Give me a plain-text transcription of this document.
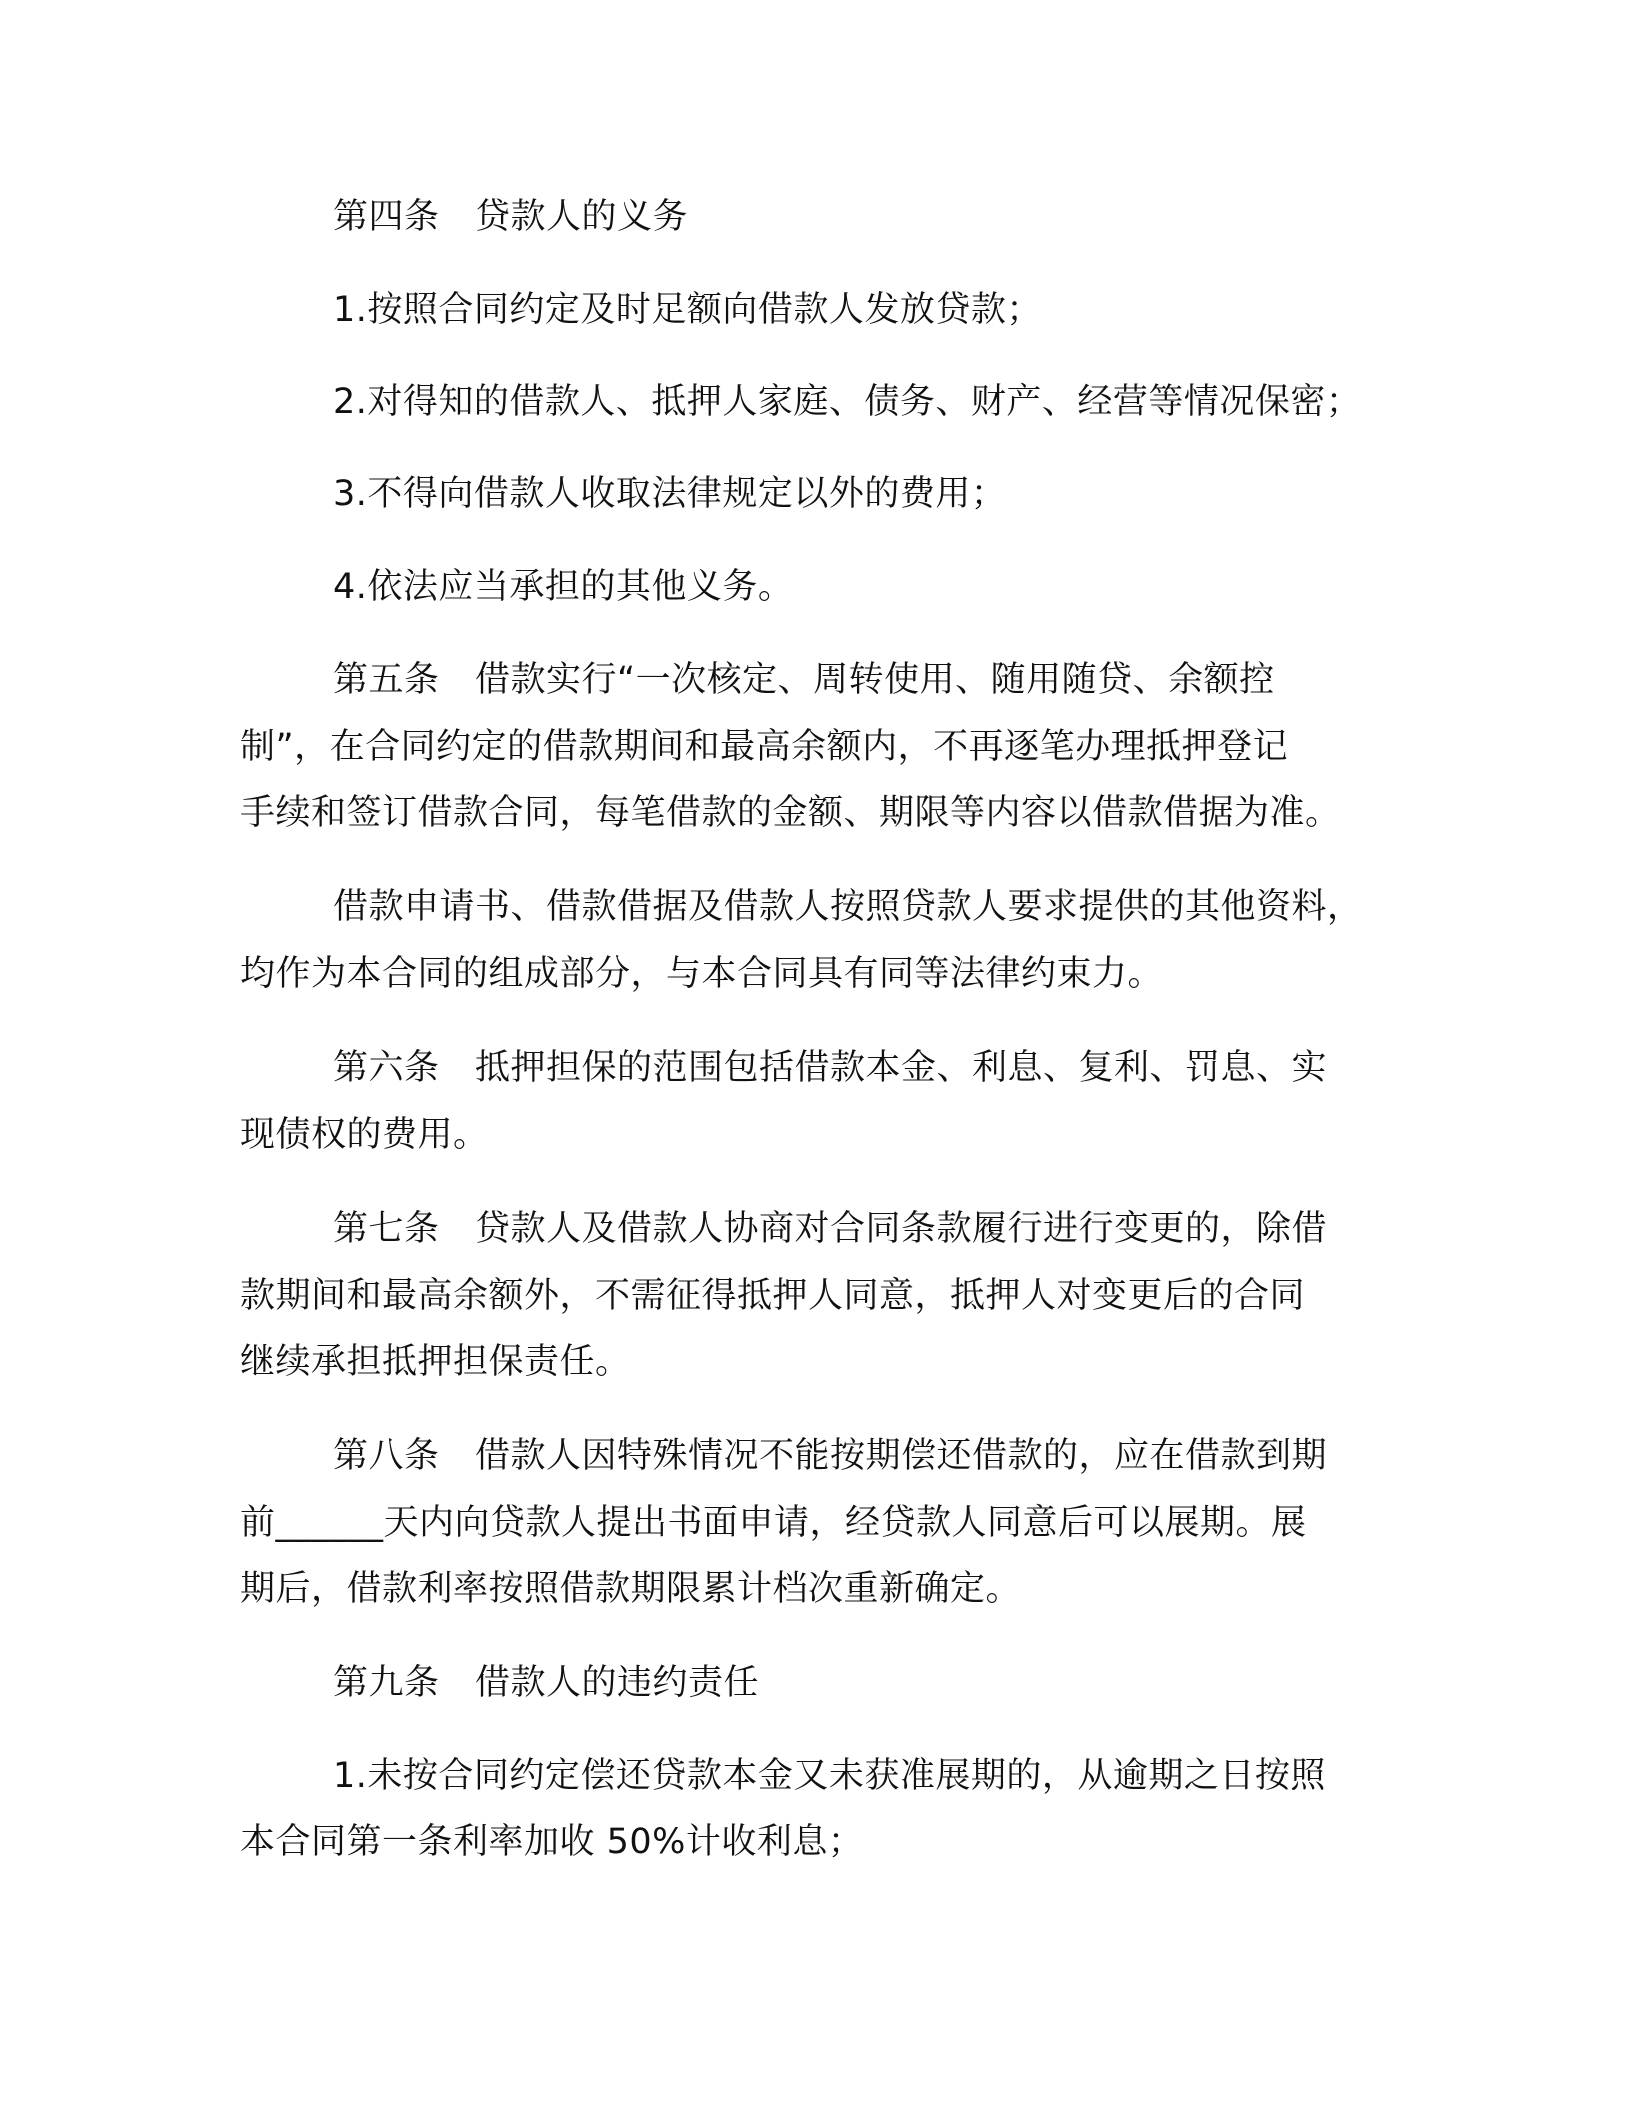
第四条　贷款人的义务
1.按照合同约定及时足额向借款人发放贷款；
2.对得知的借款人、抵押人家庭、债务、财产、经营等情况保密；
3.不得向借款人收取法律规定以外的费用；
4.依法应当承担的其他义务。
第五条　借款实行“一次核定、周转使用、随用随贷、余额控
制”，在合同约定的借款期间和最高余额内，不再逐笔办理抵押登记
手续和签订借款合同，每笔借款的金额、期限等内容以借款借据为准。
借款申请书、借款借据及借款人按照贷款人要求提供的其他资料，
均作为本合同的组成部分，与本合同具有同等法律约束力。
第六条　抵押担保的范围包括借款本金、利息、复利、罚息、实
现债权的费用。
第七条　贷款人及借款人协商对合同条款履行进行变更的，除借
款期间和最高余额外，不需征得抵押人同意，抵押人对变更后的合同
继续承担抵押担保责任。
第八条　借款人因特殊情况不能按期偿还借款的，应在借款到期
前______天内向贷款人提出书面申请，经贷款人同意后可以展期。展
期后，借款利率按照借款期限累计档次重新确定。
第九条　借款人的违约责任
1.未按合同约定偿还贷款本金又未获准展期的，从逾期之日按照
本合同第一条利率加收 50%计收利息；
